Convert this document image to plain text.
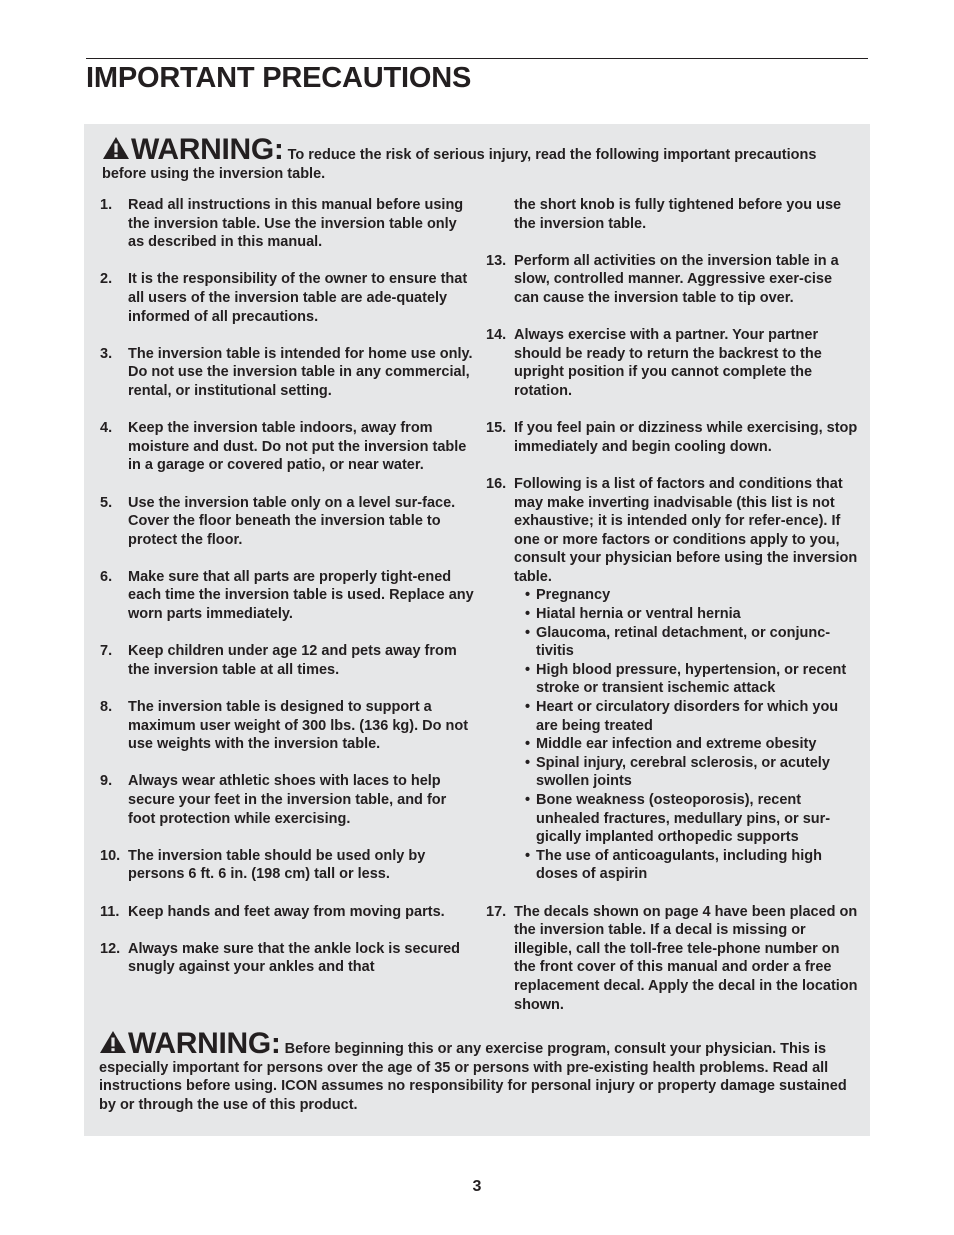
IMPORTANT PRECAUTIONS
WARNING: To reduce the risk of serious injury, read the following important precautions before using the inversion table.
1. Read all instructions in this manual before using the inversion table. Use the inversion table only as described in this manual.
2. It is the responsibility of the owner to ensure that all users of the inversion table are ade-quately informed of all precautions.
3. The inversion table is intended for home use only. Do not use the inversion table in any commercial, rental, or institutional setting.
4. Keep the inversion table indoors, away from moisture and dust. Do not put the inversion table in a garage or covered patio, or near water.
5. Use the inversion table only on a level sur-face. Cover the floor beneath the inversion table to protect the floor.
6. Make sure that all parts are properly tight-ened each time the inversion table is used. Replace any worn parts immediately.
7. Keep children under age 12 and pets away from the inversion table at all times.
8. The inversion table is designed to support a maximum user weight of 300 lbs. (136 kg). Do not use weights with the inversion table.
9. Always wear athletic shoes with laces to help secure your feet in the inversion table, and for foot protection while exercising.
10. The inversion table should be used only by persons 6 ft. 6 in. (198 cm) tall or less.
11. Keep hands and feet away from moving parts.
12. Always make sure that the ankle lock is secured snugly against your ankles and that
the short knob is fully tightened before you use the inversion table.
13. Perform all activities on the inversion table in a slow, controlled manner. Aggressive exer-cise can cause the inversion table to tip over.
14. Always exercise with a partner. Your partner should be ready to return the backrest to the upright position if you cannot complete the rotation.
15. If you feel pain or dizziness while exercising, stop immediately and begin cooling down.
16. Following is a list of factors and conditions that may make inverting inadvisable (this list is not exhaustive; it is intended only for refer-ence). If one or more factors or conditions apply to you, consult your physician before using the inversion table.
• Pregnancy
• Hiatal hernia or ventral hernia
• Glaucoma, retinal detachment, or conjunc-tivitis
• High blood pressure, hypertension, or recent stroke or transient ischemic attack
• Heart or circulatory disorders for which you are being treated
• Middle ear infection and extreme obesity
• Spinal injury, cerebral sclerosis, or acutely swollen joints
• Bone weakness (osteoporosis), recent unhealed fractures, medullary pins, or sur-gically implanted orthopedic supports
• The use of anticoagulants, including high doses of aspirin
17. The decals shown on page 4 have been placed on the inversion table. If a decal is missing or illegible, call the toll-free tele-phone number on the front cover of this manual and order a free replacement decal. Apply the decal in the location shown.
WARNING: Before beginning this or any exercise program, consult your physician. This is especially important for persons over the age of 35 or persons with pre-existing health problems. Read all instructions before using. ICON assumes no responsibility for personal injury or property damage sustained by or through the use of this product.
3
